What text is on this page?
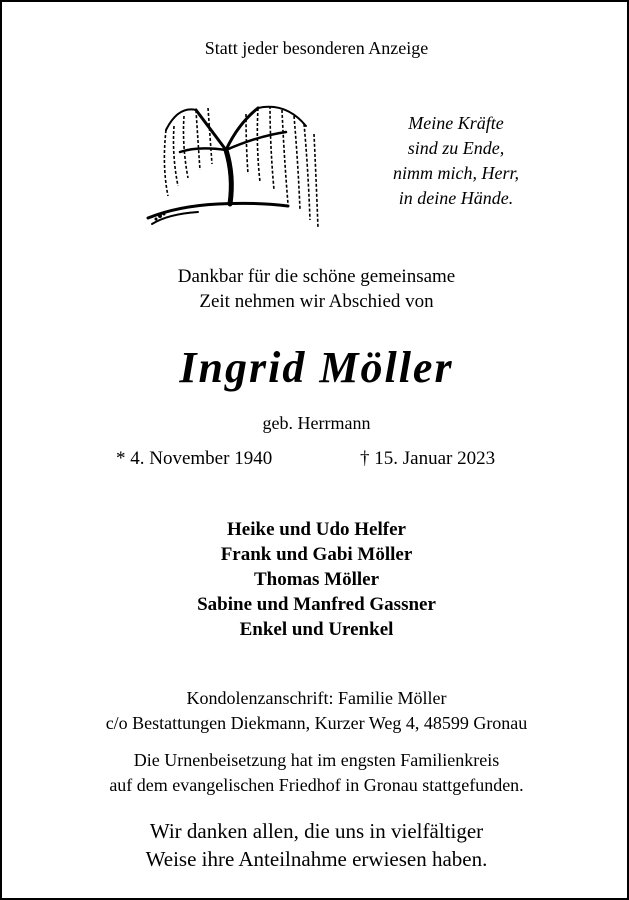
Statt jeder besonderen Anzeige
Meine Kräfte
sind zu Ende,
nimm mich, Herr,
in deine Hände.
Dankbar für die schöne gemeinsame
Zeit nehmen wir Abschied von
Ingrid Möller
geb. Herrmann
* 4. November 1940	† 15. Januar 2023
Heike und Udo Helfer
Frank und Gabi Möller
Thomas Möller
Sabine und Manfred Gassner
Enkel und Urenkel
Kondolenzanschrift: Familie Möller
c/o Bestattungen Diekmann, Kurzer Weg 4, 48599 Gronau
Die Urnenbeisetzung hat im engsten Familienkreis
auf dem evangelischen Friedhof in Gronau stattgefunden.
Wir danken allen, die uns in vielfältiger
Weise ihre Anteilnahme erwiesen haben.
